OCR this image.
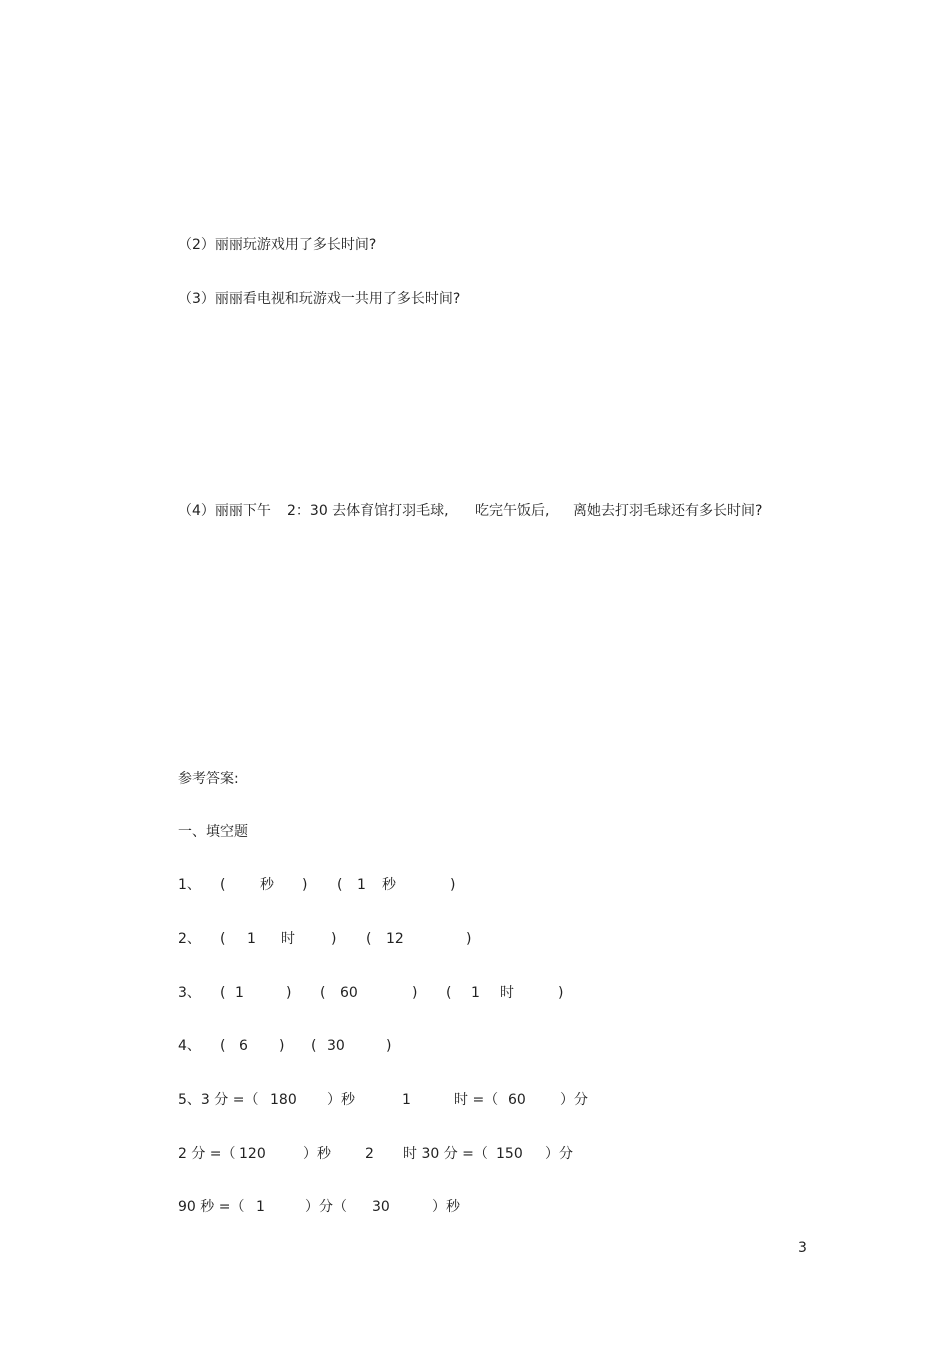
（2）丽丽玩游戏用了多长时间?
（3）丽丽看电视和玩游戏一共用了多长时间?
（4）丽丽下午 2：30 去体育馆打羽毛球, 吃完午饭后, 离她去打羽毛球还有多长时间?
参考答案:
一、填空题
1、 ( 秒 ) ( 1 秒	)
2、 ( 1 时	) ( 12	)
3、 ( 1	) ( 60	) ( 1 时	)
4、 ( 6 ) ( 30	)
5、3 分 =（ 180 ）秒	1	时 =（ 60 ）分
2 分 =（ 120	）秒 2 时 30 分 =（ 150 ）分
90 秒 =（ 1	）分（ 30	）秒
3
